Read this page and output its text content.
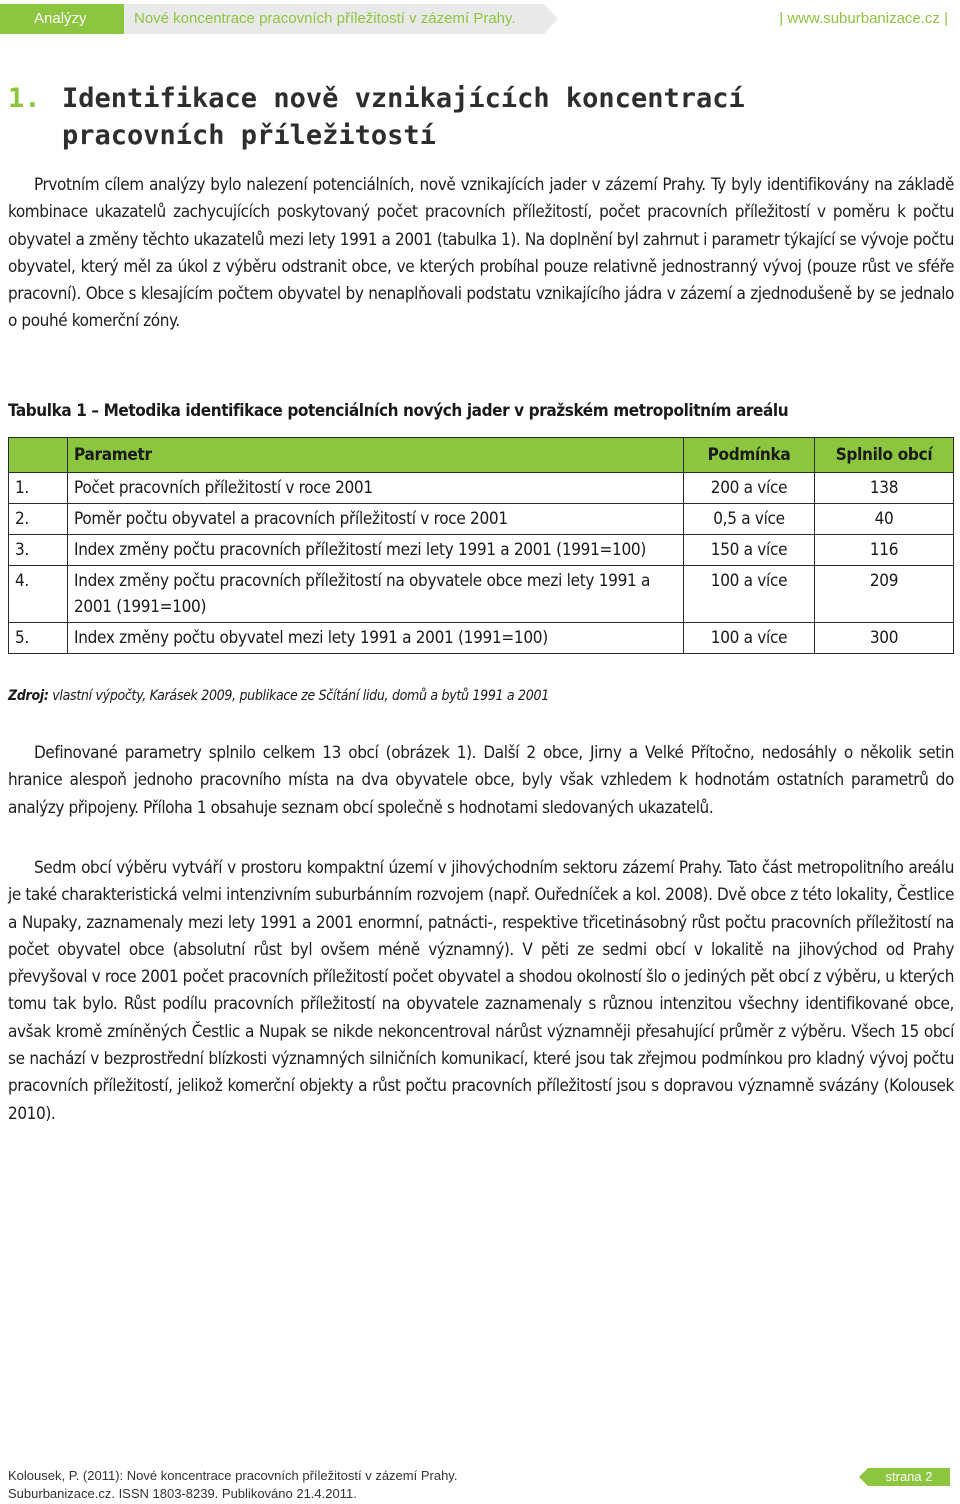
Analýzy	Nové koncentrace pracovních příležitostí v zázemí Prahy.	| www.suburbanizace.cz |
1. Identifikace nově vznikajících koncentrací
pracovních příležitostí

Prvotním cílem analýzy bylo nalezení potenciálních, nově vznikajících jader v zázemí Prahy. Ty byly identifikovány na základě kombinace ukazatelů zachycujících poskytovaný počet pracovních příležitostí, počet pracovních příležitostí v poměru k počtu obyvatel a změny těchto ukazatelů mezi lety 1991 a 2001 (tabulka 1). Na doplnění byl zahrnut i parametr týkající se vývoje počtu obyvatel, který měl za úkol z výběru odstranit obce, ve kterých probíhal pouze relativně jednostranný vývoj (pouze růst ve sféře pracovní). Obce s klesajícím počtem obyvatel by nenaplňovali podstatu vznikajícího jádra v zázemí a zjednodušeně by se jednalo o pouhé komerční zóny.

Tabulka 1 – Metodika identifikace potenciálních nových jader v pražském metropolitním areálu
	Parametr	Podmínka	Splnilo obcí
1.	Počet pracovních příležitostí v roce 2001	200 a více	138
2.	Poměr počtu obyvatel a pracovních příležitostí v roce 2001	0,5 a více	40
3.	Index změny počtu pracovních příležitostí mezi lety 1991 a 2001 (1991=100)	150 a více	116
4.	Index změny počtu pracovních příležitostí na obyvatele obce mezi lety 1991 a 2001 (1991=100)	100 a více	209
5.	Index změny počtu obyvatel mezi lety 1991 a 2001 (1991=100)	100 a více	300
Zdroj: vlastní výpočty, Karásek 2009, publikace ze Sčítání lidu, domů a bytů 1991 a 2001

Definované parametry splnilo celkem 13 obcí (obrázek 1). Další 2 obce, Jirny a Velké Přítočno, nedosáhly o několik setin hranice alespoň jednoho pracovního místa na dva obyvatele obce, byly však vzhledem k hodnotám ostatních parametrů do analýzy připojeny. Příloha 1 obsahuje seznam obcí společně s hodnotami sledovaných ukazatelů.

Sedm obcí výběru vytváří v prostoru kompaktní území v jihovýchodním sektoru zázemí Prahy. Tato část metropolitního areálu je také charakteristická velmi intenzivním suburbánním rozvojem (např. Ouředníček a kol. 2008). Dvě obce z této lokality, Čestlice a Nupaky, zaznamenaly mezi lety 1991 a 2001 enormní, patnácti-, respektive třicetinásobný růst počtu pracovních příležitostí na počet obyvatel obce (absolutní růst byl ovšem méně významný). V pěti ze sedmi obcí v lokalitě na jihovýchod od Prahy převyšoval v roce 2001 počet pracovních příležitostí počet obyvatel a shodou okolností šlo o jediných pět obcí z výběru, u kterých tomu tak bylo. Růst podílu pracovních příležitostí na obyvatele zaznamenaly s různou intenzitou všechny identifikované obce, avšak kromě zmíněných Čestlic a Nupak se nikde nekoncentroval nárůst významněji přesahující průměr z výběru. Všech 15 obcí se nachází v bezprostřední blízkosti významných silničních komunikací, které jsou tak zřejmou podmínkou pro kladný vývoj počtu pracovních příležitostí, jelikož komerční objekty a růst počtu pracovních příležitostí jsou s dopravou významně svázány (Kolousek 2010).

Kolousek, P. (2011): Nové koncentrace pracovních příležitostí v zázemí Prahy.
Suburbanizace.cz. ISSN 1803-8239. Publikováno 21.4.2011.
strana 2
